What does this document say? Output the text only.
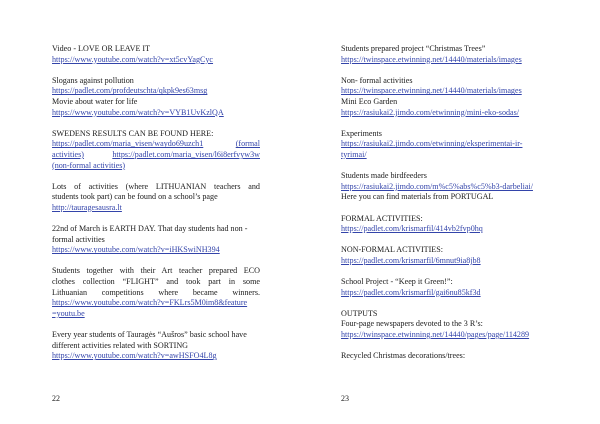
Video - LOVE OR LEAVE IT
https://www.youtube.com/watch?v=xt5cvYagCyc
Slogans against pollution
https://padlet.com/profdeutschta/qkpk9es63msg
Movie about water for life
https://www.youtube.com/watch?v=VYB1UvKzlQA
SWEDENS RESULTS CAN BE FOUND HERE:
https://padlet.com/maria_visen/waydo69uzch1	(formal
activities)	https://padlet.com/maria_visen/l6i8erfvyw3w
(non-formal activities)
Lots of activities (where LITHUANIAN teachers and
students took part) can be found on a school’s page
http://tauragesausra.lt
22nd of March is EARTH DAY. That day students had non -
formal activities
https://www.youtube.com/watch?v=iHKSwiNH394
Students together with their Art teacher prepared ECO
clothes collection “FLIGHT” and took part in some
Lithuanian competitions where became winners.
https://www.youtube.com/watch?v=FKLrs5M0im8&feature
=youtu.be
Every year students of Tauragės “Aušros” basic school have
different activities related with SORTING
https://www.youtube.com/watch?v=awHSFO4L8g
22
Students prepared project “Christmas Trees”
https://twinspace.etwinning.net/14440/materials/images
Non- formal activities
https://twinspace.etwinning.net/14440/materials/images
Mini Eco Garden
https://rasiukai2.jimdo.com/etwinning/mini-eko-sodas/
Experiments
https://rasiukai2.jimdo.com/etwinning/eksperimentai-ir-
tyrimai/
Students made birdfeeders
https://rasiukai2.jimdo.com/m%c5%abs%c5%b3-darbeliai/
Here you can find materials from PORTUGAL
FORMAL ACTIVITIES:
https://padlet.com/krismarfil/414vb2fvp0hq
NON-FORMAL ACTIVITIES:
https://padlet.com/krismarfil/6mnut9ia8jb8
School Project - “Keep it Green!”:
https://padlet.com/krismarfil/gai6nu85kf3d
OUTPUTS
Four-page newspapers devoted to the 3 R’s:
https://twinspace.etwinning.net/14440/pages/page/114289
Recycled Christmas decorations/trees:
23
